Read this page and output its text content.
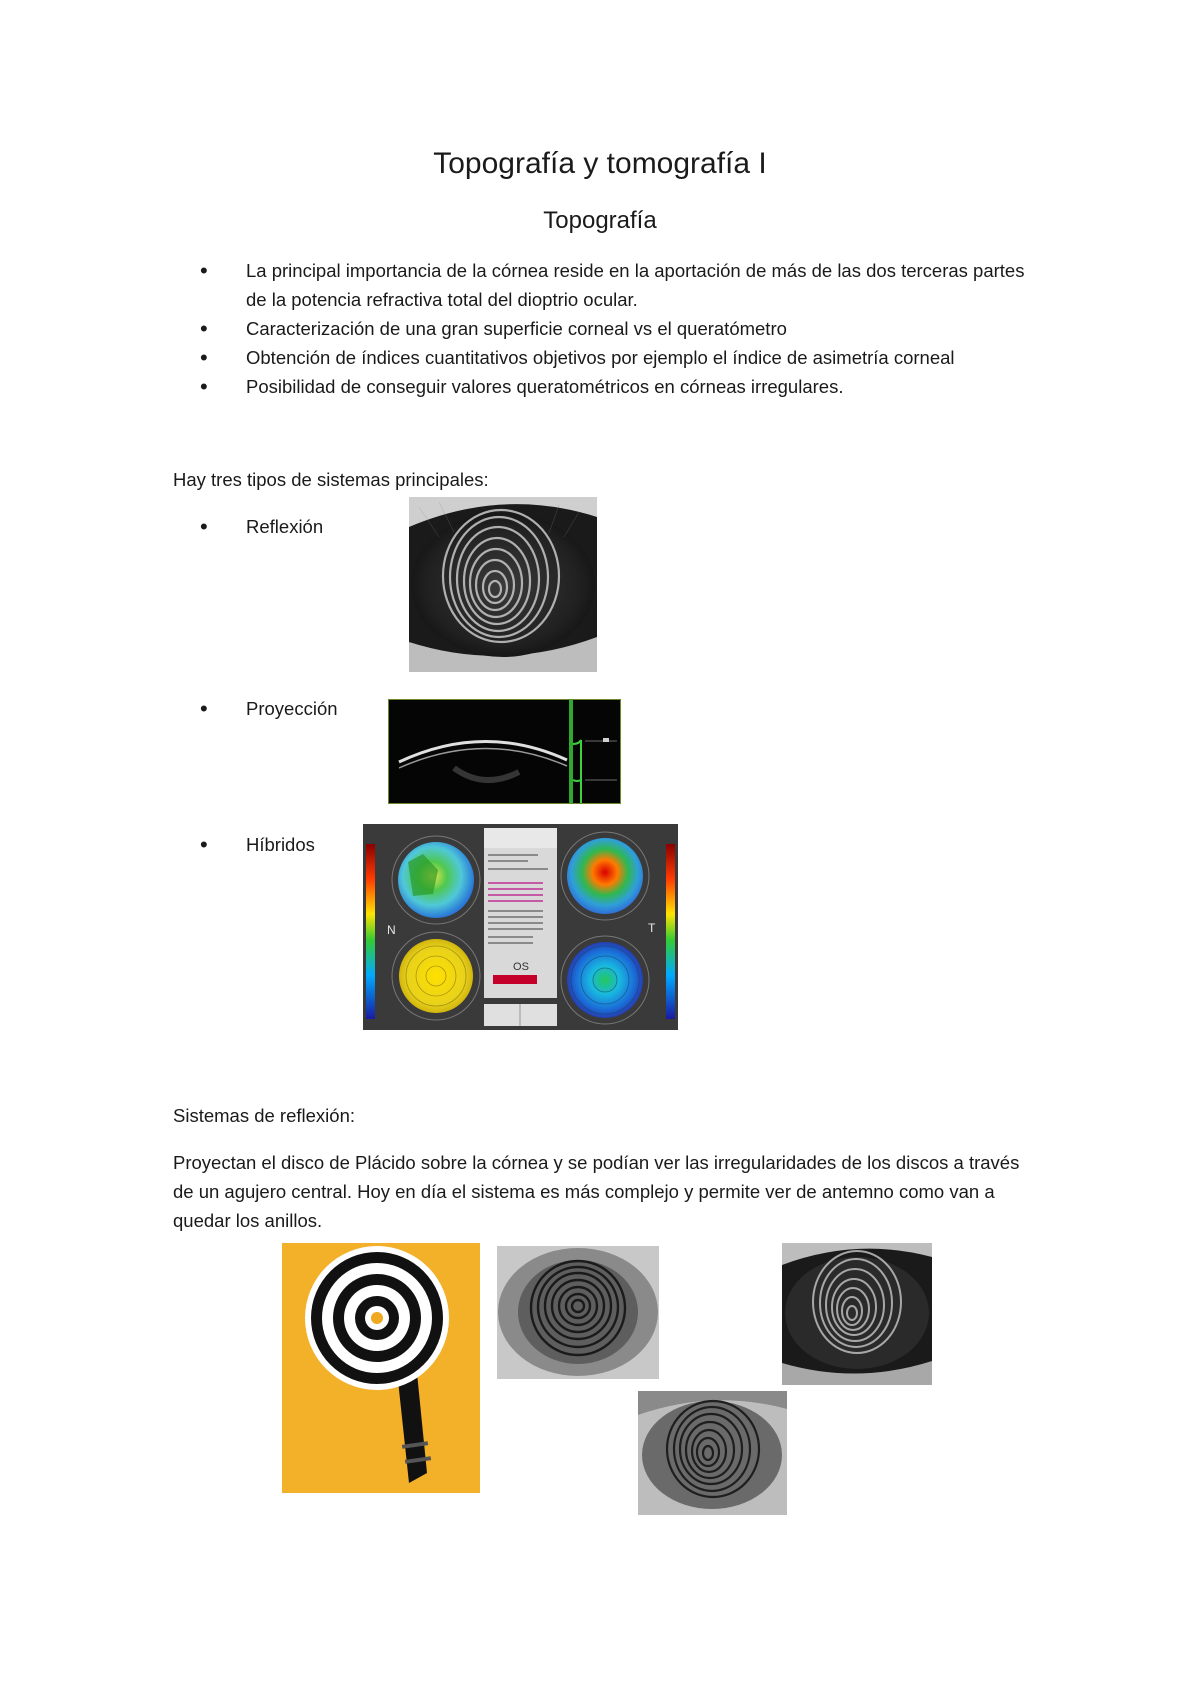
Topografía y tomografía I
Topografía
• La principal importancia de la córnea reside en la aportación de más de las dos terceras partes de la potencia refractiva total del dioptrio ocular.
• Caracterización de una gran superficie corneal vs el queratómetro
• Obtención de índices cuantitativos objetivos por ejemplo el índice de asimetría corneal
• Posibilidad de conseguir valores queratométricos en córneas irregulares.
Hay tres tipos de sistemas principales:
• Reflexión
• Proyección
• Híbridos
OS
N	T
Sistemas de reflexión:
Proyectan el disco de Plácido sobre la córnea y se podían ver las irregularidades de los discos a través de un agujero central. Hoy en día el sistema es más complejo y permite ver de antemno como van a quedar los anillos.
